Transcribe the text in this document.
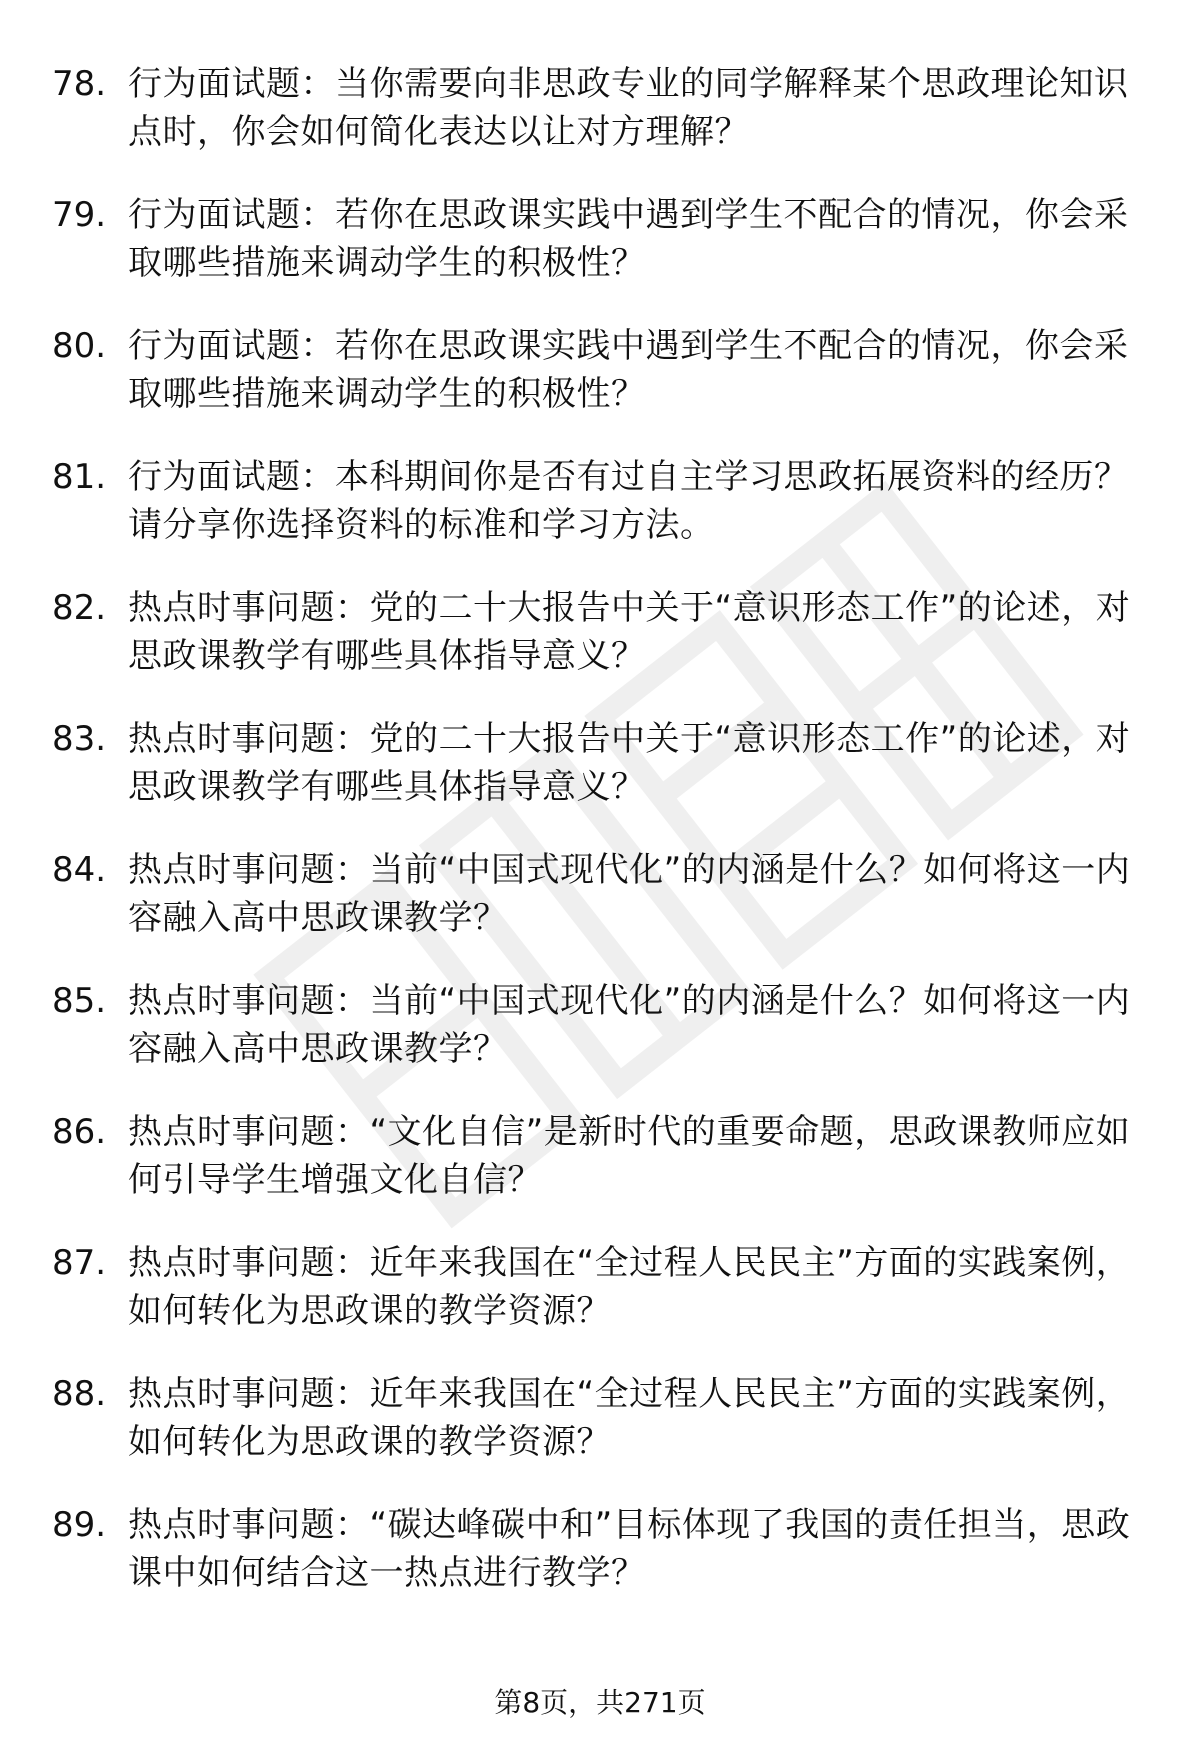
78. 行为面试题：当你需要向非思政专业的同学解释某个思政理论知识点时，你会如何简化表达以让对方理解？
79. 行为面试题：若你在思政课实践中遇到学生不配合的情况，你会采取哪些措施来调动学生的积极性？
80. 行为面试题：若你在思政课实践中遇到学生不配合的情况，你会采取哪些措施来调动学生的积极性？
81. 行为面试题：本科期间你是否有过自主学习思政拓展资料的经历？请分享你选择资料的标准和学习方法。
82. 热点时事问题：党的二十大报告中关于“意识形态工作”的论述，对思政课教学有哪些具体指导意义？
83. 热点时事问题：党的二十大报告中关于“意识形态工作”的论述，对思政课教学有哪些具体指导意义？
84. 热点时事问题：当前“中国式现代化”的内涵是什么？如何将这一内容融入高中思政课教学？
85. 热点时事问题：当前“中国式现代化”的内涵是什么？如何将这一内容融入高中思政课教学？
86. 热点时事问题：“文化自信”是新时代的重要命题，思政课教师应如何引导学生增强文化自信？
87. 热点时事问题：近年来我国在“全过程人民民主”方面的实践案例，如何转化为思政课的教学资源？
88. 热点时事问题：近年来我国在“全过程人民民主”方面的实践案例，如何转化为思政课的教学资源？
89. 热点时事问题：“碳达峰碳中和”目标体现了我国的责任担当，思政课中如何结合这一热点进行教学？
第8页，共271页
